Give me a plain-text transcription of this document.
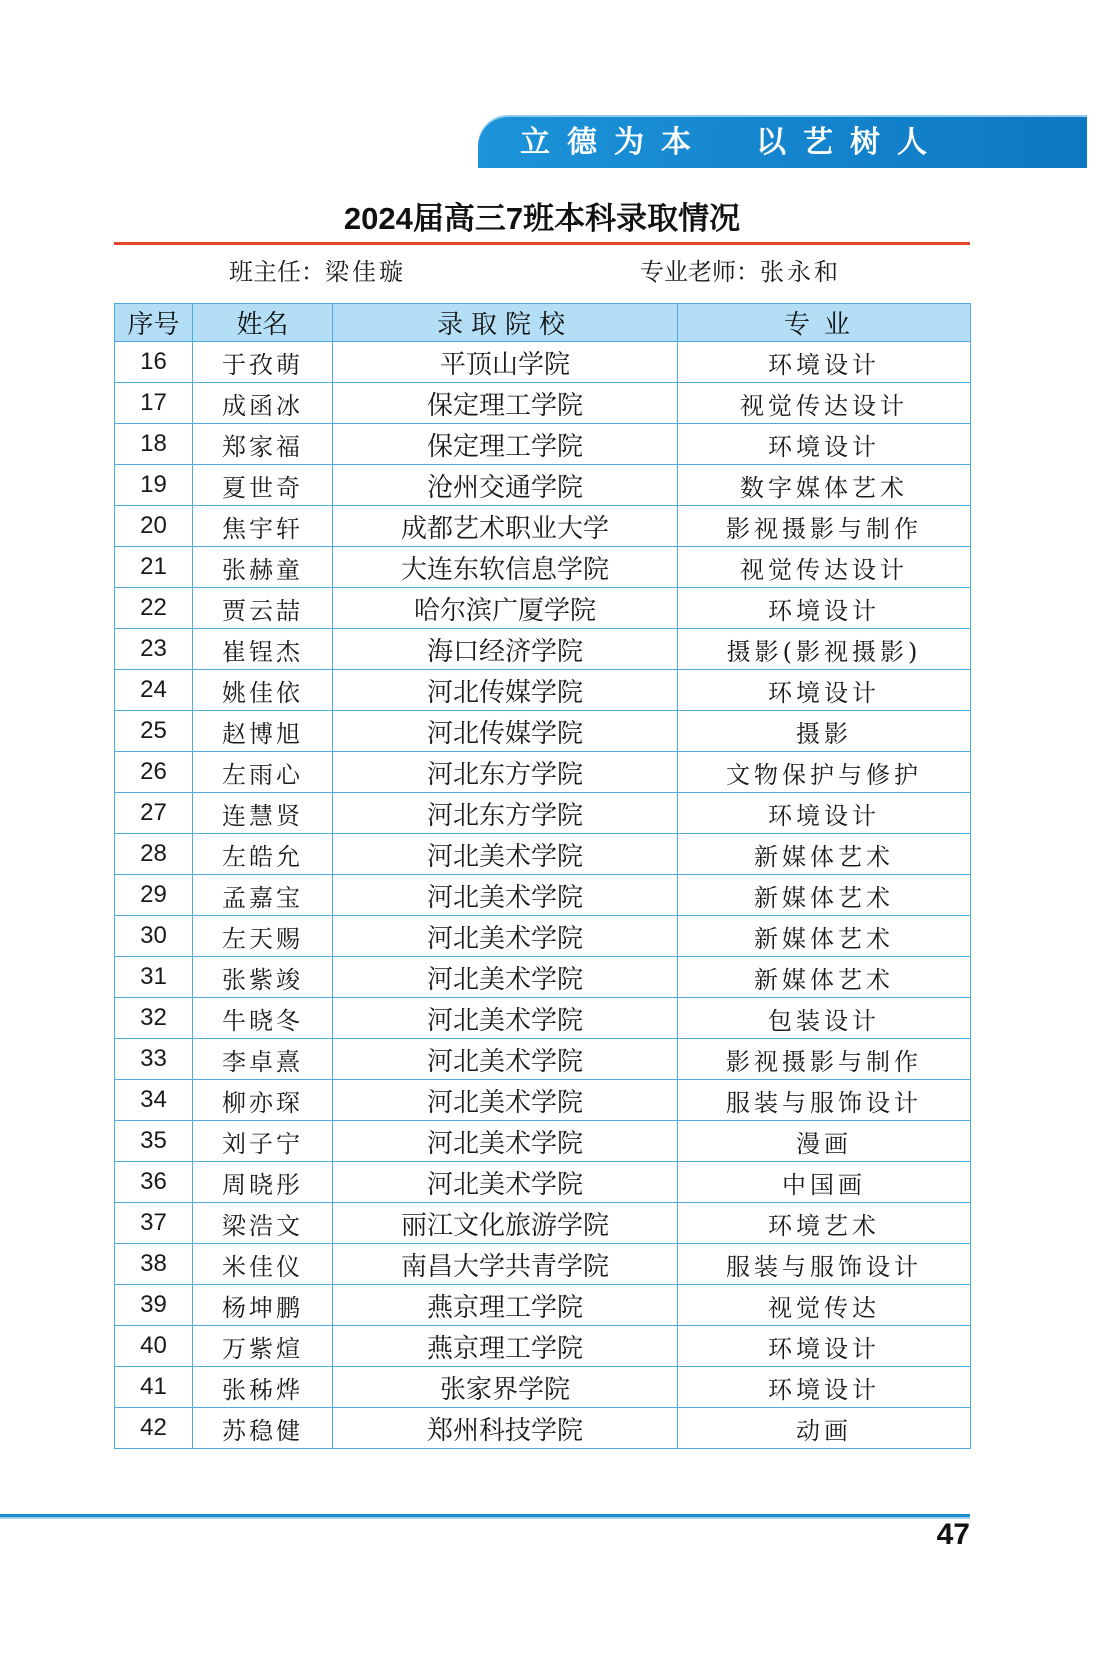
立德为本 以艺树人
2024届高三7班本科录取情况
班主任：梁佳璇	专业老师：张永和
序号	姓名	录取院校	专业
16	于孜萌	平顶山学院	环境设计
17	成函冰	保定理工学院	视觉传达设计
18	郑家福	保定理工学院	环境设计
19	夏世奇	沧州交通学院	数字媒体艺术
20	焦宇轩	成都艺术职业大学	影视摄影与制作
21	张赫童	大连东软信息学院	视觉传达设计
22	贾云喆	哈尔滨广厦学院	环境设计
23	崔锃杰	海口经济学院	摄影(影视摄影)
24	姚佳依	河北传媒学院	环境设计
25	赵博旭	河北传媒学院	摄影
26	左雨心	河北东方学院	文物保护与修护
27	连慧贤	河北东方学院	环境设计
28	左皓允	河北美术学院	新媒体艺术
29	孟嘉宝	河北美术学院	新媒体艺术
30	左天赐	河北美术学院	新媒体艺术
31	张紫竣	河北美术学院	新媒体艺术
32	牛晓冬	河北美术学院	包装设计
33	李卓熹	河北美术学院	影视摄影与制作
34	柳亦琛	河北美术学院	服装与服饰设计
35	刘子宁	河北美术学院	漫画
36	周晓彤	河北美术学院	中国画
37	梁浩文	丽江文化旅游学院	环境艺术
38	米佳仪	南昌大学共青学院	服装与服饰设计
39	杨坤鹏	燕京理工学院	视觉传达
40	万紫煊	燕京理工学院	环境设计
41	张秭烨	张家界学院	环境设计
42	苏稳健	郑州科技学院	动画
47
